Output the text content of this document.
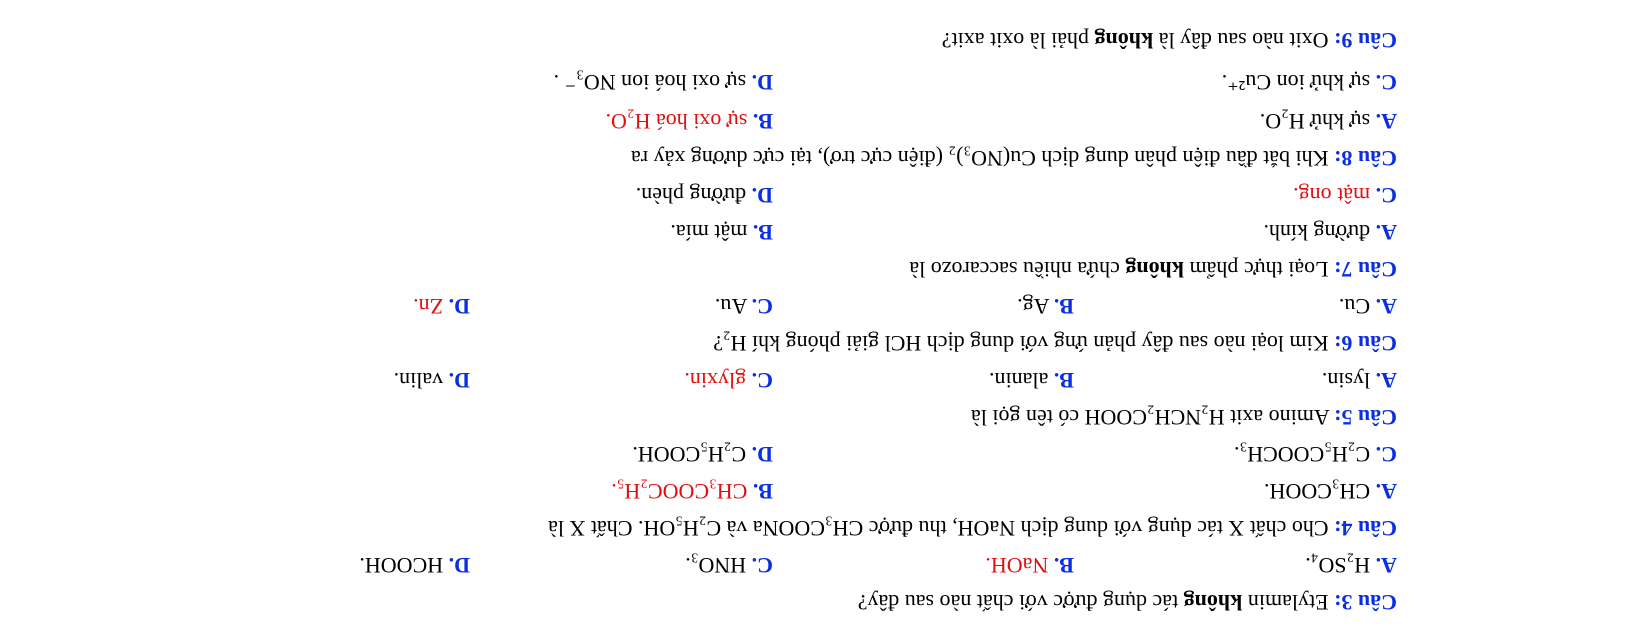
Câu 3: Etylamin không tác dụng được với chất nào sau đây?
A. H₂SO₄.
B. NaOH.
C. HNO₃.
D. HCOOH.
Câu 4: Cho chất X tác dụng với dung dịch NaOH, thu được CH₃COONa và C₂H₅OH. Chất X là
A. CH₃COOH.
B. CH₃COOC₂H₅.
C. C₂H₅COOCH₃.
D. C₂H₅COOH.
Câu 5: Amino axit H₂NCH₂COOH có tên gọi là
A. lysin.
B. alanin.
C. glyxin.
D. valin.
Câu 6: Kim loại nào sau đây phản ứng với dung dịch HCl giải phóng khí H₂?
A. Cu.
B. Ag.
C. Au.
D. Zn.
Câu 7: Loại thực phẩm không chứa nhiều saccarozo là
A. đường kính.
B. mật mía.
C. mật ong.
D. đường phèn.
Câu 8: Khi bắt đầu điện phân dung dịch Cu(NO₃)₂ (điện cực trơ), tại cực dương xảy ra
A. sự khử H₂O.
B. sự oxi hoá H₂O.
C. sự khử ion Cu²⁺.
D. sự oxi hoá ion NO₃⁻ .
Câu 9: Oxit nào sau đây là không phải là oxit axit?
